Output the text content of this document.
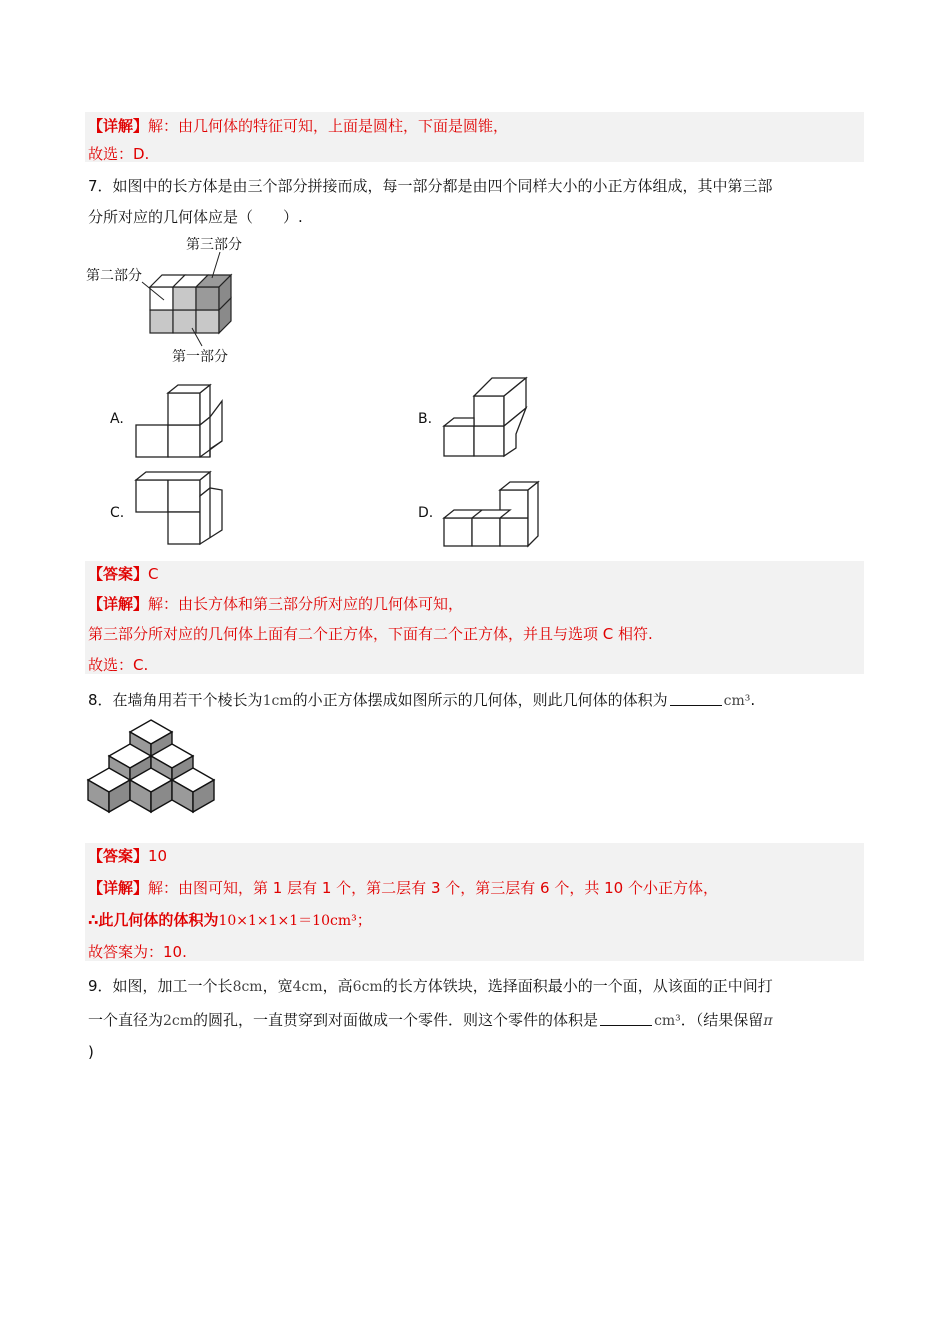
【详解】解：由几何体的特征可知，上面是圆柱，下面是圆锥，
故选：D.
7．如图中的长方体是由三个部分拼接而成，每一部分都是由四个同样大小的小正方体组成，其中第三部
分所对应的几何体应是（　　）.
第三部分
第二部分
第一部分
A.	B.
C.	D.
【答案】C
【详解】解：由长方体和第三部分所对应的几何体可知，
第三部分所对应的几何体上面有二个正方体，下面有二个正方体，并且与选项 C 相符.
故选：C.
8．在墙角用若干个棱长为1cm的小正方体摆成如图所示的几何体，则此几何体的体积为	cm³.
【答案】10
【详解】解：由图可知，第 1 层有 1 个，第二层有 3 个，第三层有 6 个，共 10 个小正方体，
∴此几何体的体积为10×1×1×1＝10cm³；
故答案为：10.
9．如图，加工一个长8cm，宽4cm，高6cm的长方体铁块，选择面积最小的一个面，从该面的正中间打
一个直径为2cm的圆孔，一直贯穿到对面做成一个零件．则这个零件的体积是	cm³．（结果保留π
)
